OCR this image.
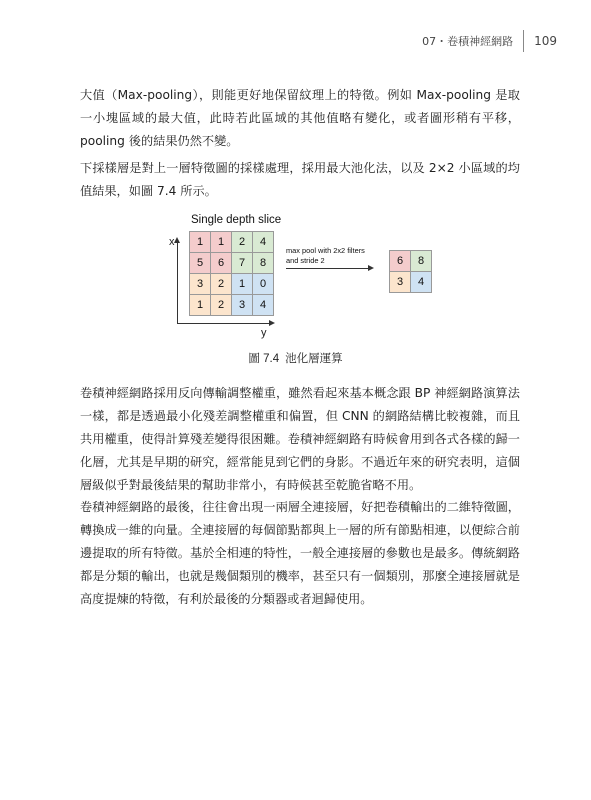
07・卷積神經網路 109

大值（Max-pooling），則能更好地保留紋理上的特徵。例如 Max-pooling 是取一小塊區域的最大值，此時若此區域的其他值略有變化，或者圖形稍有平移，pooling 後的結果仍然不變。

下採樣層是對上一層特徵圖的採樣處理，採用最大池化法，以及 2×2 小區域的均值結果，如圖 7.4 所示。

Single depth slice
x	1	1	2	4
5	6	7	8
3	2	1	0
1	2	3	4
y
max pool with 2x2 filters
and stride 2	6	8
3	4
圖 7.4 池化層運算

卷積神經網路採用反向傳輸調整權重，雖然看起來基本概念跟 BP 神經網路演算法一樣，都是透過最小化殘差調整權重和偏置，但 CNN 的網路結構比較複雜，而且共用權重，使得計算殘差變得很困難。卷積神經網路有時候會用到各式各樣的歸一化層，尤其是早期的研究，經常能見到它們的身影。不過近年來的研究表明，這個層級似乎對最後結果的幫助非常小，有時候甚至乾脆省略不用。

卷積神經網路的最後，往往會出現一兩層全連接層，好把卷積輸出的二維特徵圖，轉換成一維的向量。全連接層的每個節點都與上一層的所有節點相連，以便綜合前邊提取的所有特徵。基於全相連的特性，一般全連接層的參數也是最多。傳統網路都是分類的輸出，也就是幾個類別的機率，甚至只有一個類別，那麼全連接層就是高度提煉的特徵，有利於最後的分類器或者迴歸使用。
